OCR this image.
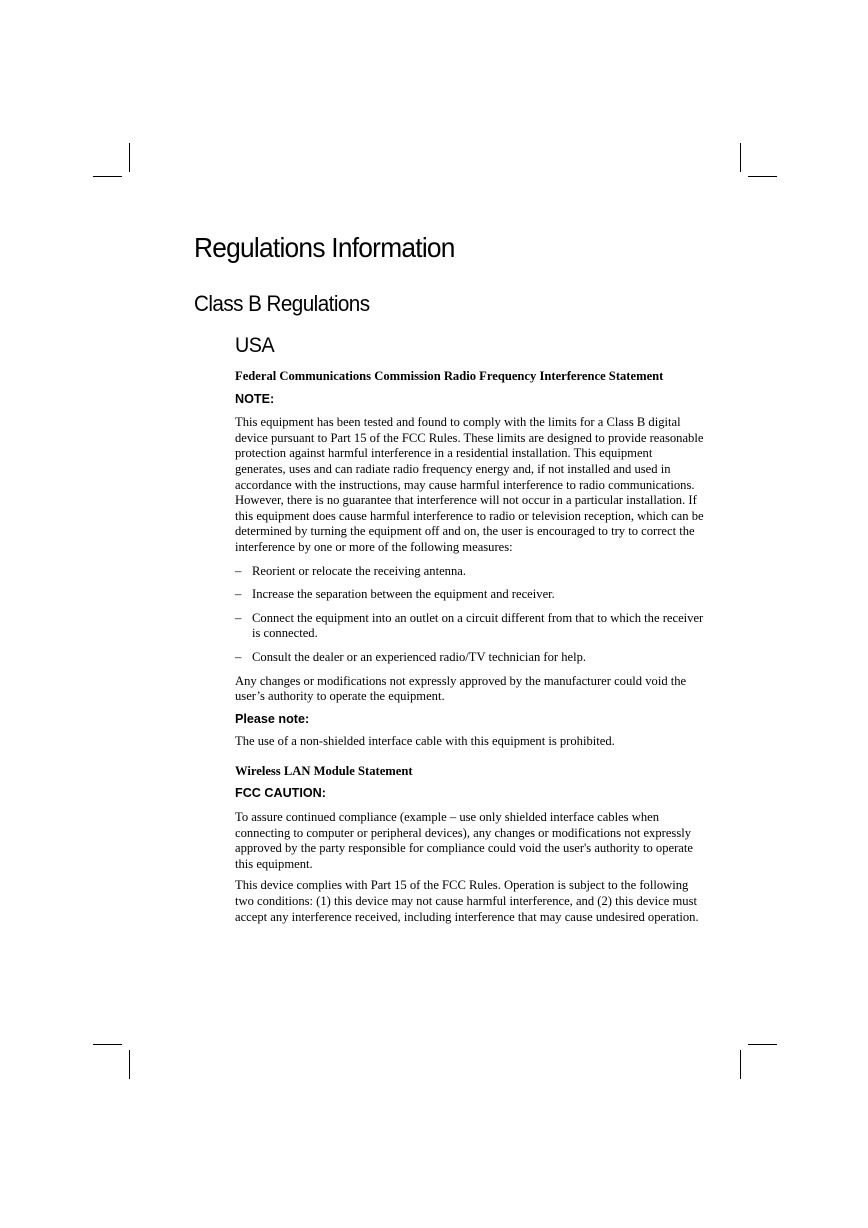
Regulations Information
Class B Regulations
USA

Federal Communications Commission Radio Frequency Interference Statement

NOTE:

This equipment has been tested and found to comply with the limits for a Class B digital device pursuant to Part 15 of the FCC Rules. These limits are designed to provide reasonable protection against harmful interference in a residential installation. This equipment generates, uses and can radiate radio frequency energy and, if not installed and used in accordance with the instructions, may cause harmful interference to radio communications. However, there is no guarantee that interference will not occur in a particular installation. If this equipment does cause harmful interference to radio or television reception, which can be determined by turning the equipment off and on, the user is encouraged to try to correct the interference by one or more of the following measures:

– Reorient or relocate the receiving antenna.
– Increase the separation between the equipment and receiver.
– Connect the equipment into an outlet on a circuit different from that to which the receiver is connected.
– Consult the dealer or an experienced radio/TV technician for help.

Any changes or modifications not expressly approved by the manufacturer could void the user’s authority to operate the equipment.

Please note:

The use of a non-shielded interface cable with this equipment is prohibited.

Wireless LAN Module Statement

FCC CAUTION:

To assure continued compliance (example – use only shielded interface cables when connecting to computer or peripheral devices), any changes or modifications not expressly approved by the party responsible for compliance could void the user's authority to operate this equipment.

This device complies with Part 15 of the FCC Rules. Operation is subject to the following two conditions: (1) this device may not cause harmful interference, and (2) this device must accept any interference received, including interference that may cause undesired operation.
